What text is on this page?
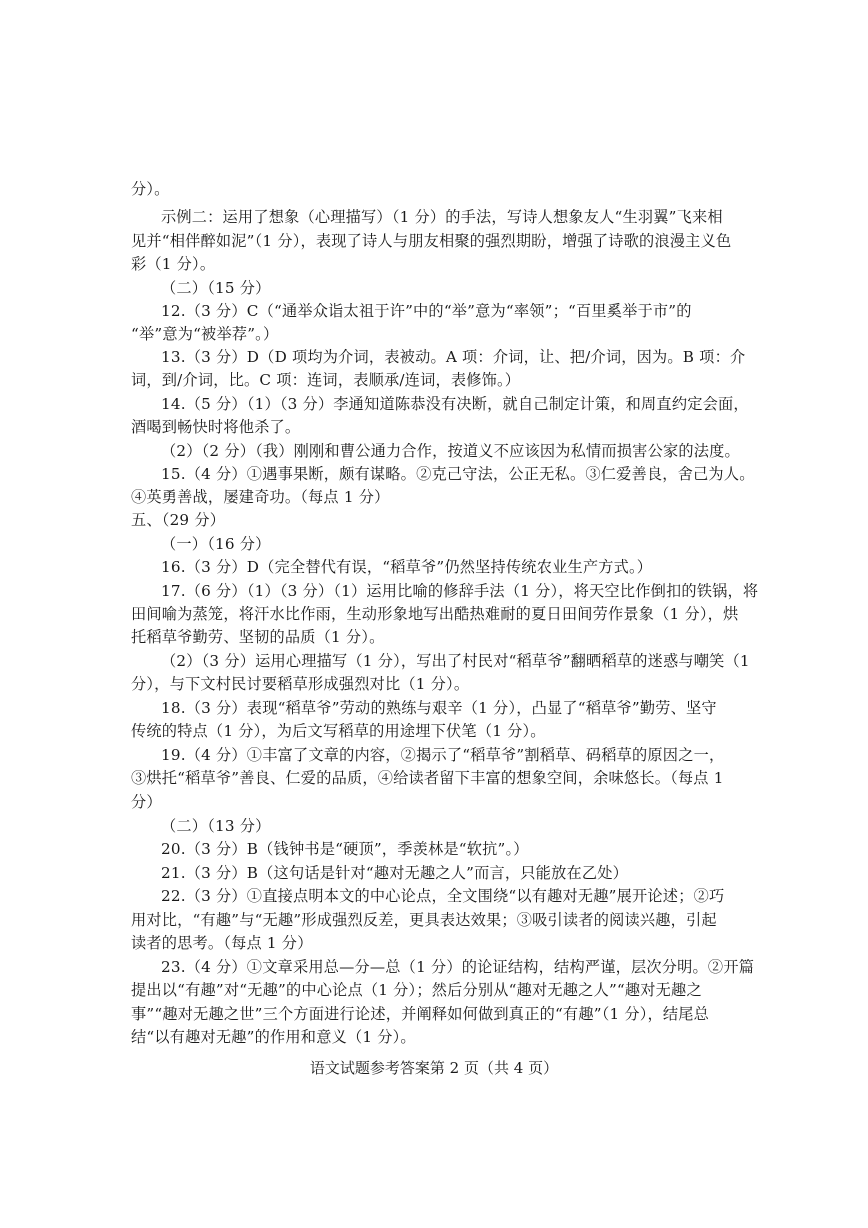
分）。
示例二：运用了想象（心理描写）（1 分）的手法，写诗人想象友人“生羽翼”飞来相
见并“相伴醉如泥”（1 分），表现了诗人与朋友相聚的强烈期盼，增强了诗歌的浪漫主义色
彩（1 分）。
（二）（15 分）
12.（3 分）C（“通举众诣太祖于许”中的“举”意为“率领”；“百里奚举于市”的
“举”意为“被举荐”。）
13.（3 分）D（D 项均为介词，表被动。A 项：介词，让、把/介词，因为。B 项：介
词，到/介词，比。C 项：连词，表顺承/连词，表修饰。）
14.（5 分）（1）（3 分）李通知道陈恭没有决断，就自己制定计策，和周直约定会面，
酒喝到畅快时将他杀了。
（2）（2 分）（我）刚刚和曹公通力合作，按道义不应该因为私情而损害公家的法度。
15.（4 分）①遇事果断，颇有谋略。②克己守法，公正无私。③仁爱善良，舍己为人。
④英勇善战，屡建奇功。（每点 1 分）
五、（29 分）
（一）（16 分）
16.（3 分）D（完全替代有误，“稻草爷”仍然坚持传统农业生产方式。）
17.（6 分）（1）（3 分）（1）运用比喻的修辞手法（1 分），将天空比作倒扣的铁锅，将
田间喻为蒸笼，将汗水比作雨，生动形象地写出酷热难耐的夏日田间劳作景象（1 分），烘
托稻草爷勤劳、坚韧的品质（1 分）。
（2）（3 分）运用心理描写（1 分），写出了村民对“稻草爷”翻晒稻草的迷惑与嘲笑（1
分），与下文村民讨要稻草形成强烈对比（1 分）。
18.（3 分）表现“稻草爷”劳动的熟练与艰辛（1 分），凸显了“稻草爷”勤劳、坚守
传统的特点（1 分），为后文写稻草的用途埋下伏笔（1 分）。
19.（4 分）①丰富了文章的内容，②揭示了“稻草爷”割稻草、码稻草的原因之一，
③烘托“稻草爷”善良、仁爱的品质，④给读者留下丰富的想象空间，余味悠长。（每点 1
分）
（二）（13 分）
20.（3 分）B（钱钟书是“硬顶”，季羡林是“软抗”。）
21.（3 分）B（这句话是针对“趣对无趣之人”而言，只能放在乙处）
22.（3 分）①直接点明本文的中心论点，全文围绕“以有趣对无趣”展开论述；②巧
用对比，“有趣”与“无趣”形成强烈反差，更具表达效果；③吸引读者的阅读兴趣，引起
读者的思考。（每点 1 分）
23.（4 分）①文章采用总—分—总（1 分）的论证结构，结构严谨，层次分明。②开篇
提出以“有趣”对“无趣”的中心论点（1 分）；然后分别从“趣对无趣之人”“趣对无趣之
事”“趣对无趣之世”三个方面进行论述，并阐释如何做到真正的“有趣”（1 分），结尾总
结“以有趣对无趣”的作用和意义（1 分）。
语文试题参考答案第 2 页（共 4 页）
